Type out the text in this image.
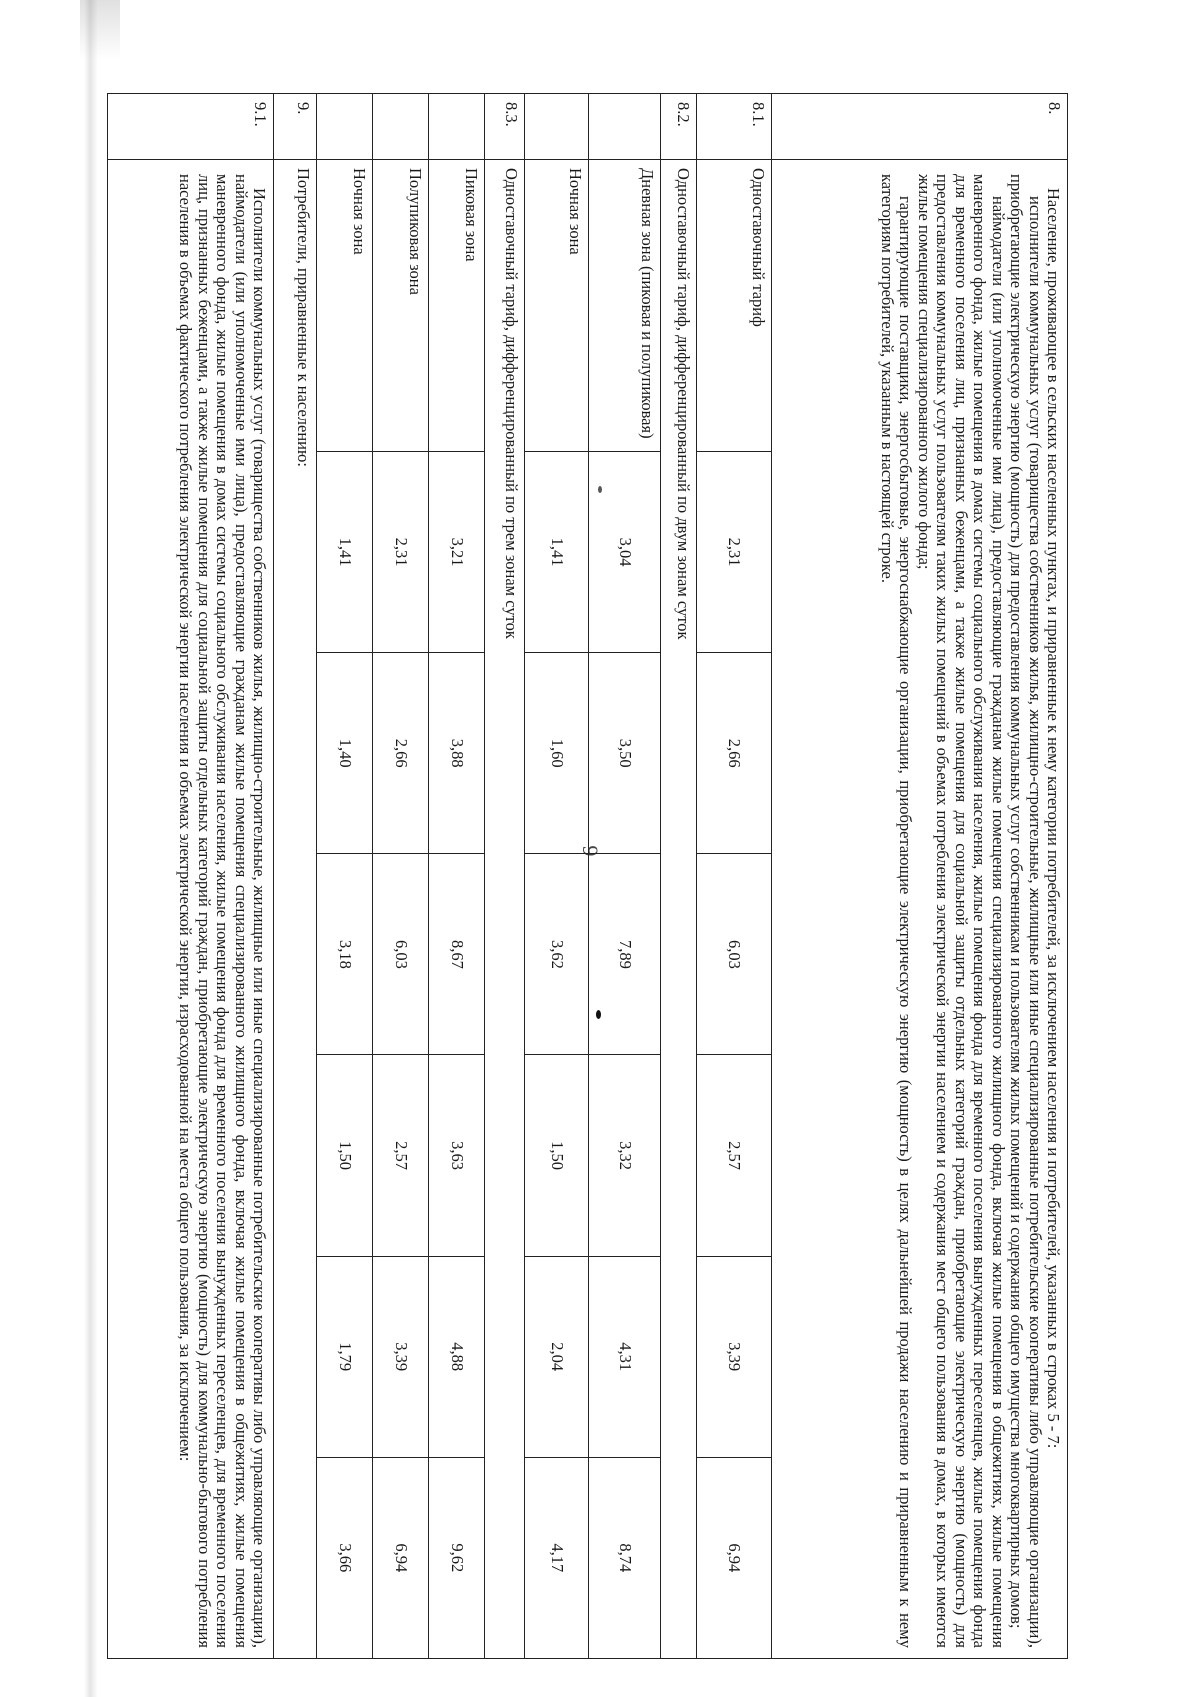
6
8.	Население, проживающее в сельских населенных пунктах, и приравненные к нему категории потребителей, за исключением населения и потребителей, указанных в строках 5 - 7:

исполнители коммунальных услуг (товарищества собственников жилья, жилищно-строительные, жилищные или иные специализированные потребительские кооперативы либо управляющие организации), приобретающие электрическую энергию (мощность) для предоставления коммунальных услуг собственникам и пользователям жилых помещений и содержания общего имущества многоквартирных домов;

наймодатели (или уполномоченные ими лица), предоставляющие гражданам жилые помещения специализированного жилищного фонда, включая жилые помещения в общежитиях, жилые помещения маневренного фонда, жилые помещения в домах системы социального обслуживания населения, жилые помещения фонда для временного поселения вынужденных переселенцев, жилые помещения фонда для временного поселения лиц, признанных беженцами, а также жилые помещения для социальной защиты отдельных категорий граждан, приобретающие электрическую энергию (мощность) для предоставления коммунальных услуг пользователям таких жилых помещений в объемах потребления электрической энергии населением и содержания мест общего пользования в домах, в которых имеются жилые помещения специализированного жилого фонда;

гарантирующие поставщики, энергосбытовые, энергоснабжающие организации, приобретающие электрическую энергию (мощность) в целях дальнейшей продажи населению и приравненным к нему категориям потребителей, указанным в настоящей строке.						

8.1.	Одноставочный тариф	2,31	2,66	6,03	2,57	3,39	6,94
8.2.	Одноставочный тариф, дифференцированный по двум зонам суток						
	Дневная зона (пиковая и полупиковая)	3,04	3,50	7,89	3,32	4,31	8,74
	Ночная зона	1,41	1,60	3,62	1,50	2,04	4,17
8.3.	Одноставочный тариф, дифференцированный по трем зонам суток						
	Пиковая зона	3,21	3,88	8,67	3,63	4,88	9,62
	Полупиковая зона	2,31	2,66	6,03	2,57	3,39	6,94
	Ночная зона	1,41	1,40	3,18	1,50	1,79	3,66
9.	Потребители, приравненные к населению:						
9.1.	Исполнители коммунальных услуг (товарищества собственников жилья, жилищно-строительные, жилищные или иные специализированные потребительские кооперативы либо управляющие организации), наймодатели (или уполномоченные ими лица), предоставляющие гражданам жилые помещения специализированного жилищного фонда, включая жилые помещения в общежитиях, жилые помещения маневренного фонда, жилые помещения в домах системы социального обслуживания населения, жилые помещения фонда для временного поселения вынужденных переселенцев, для временного поселения лиц, признанных беженцами, а также жилые помещения для социальной защиты отдельных категорий граждан, приобретающие электрическую энергию (мощность) для коммунально-бытового потребления населения в объемах фактического потребления электрической энергии населения и объемах электрической энергии, израсходованной на места общего пользования, за исключением:						
